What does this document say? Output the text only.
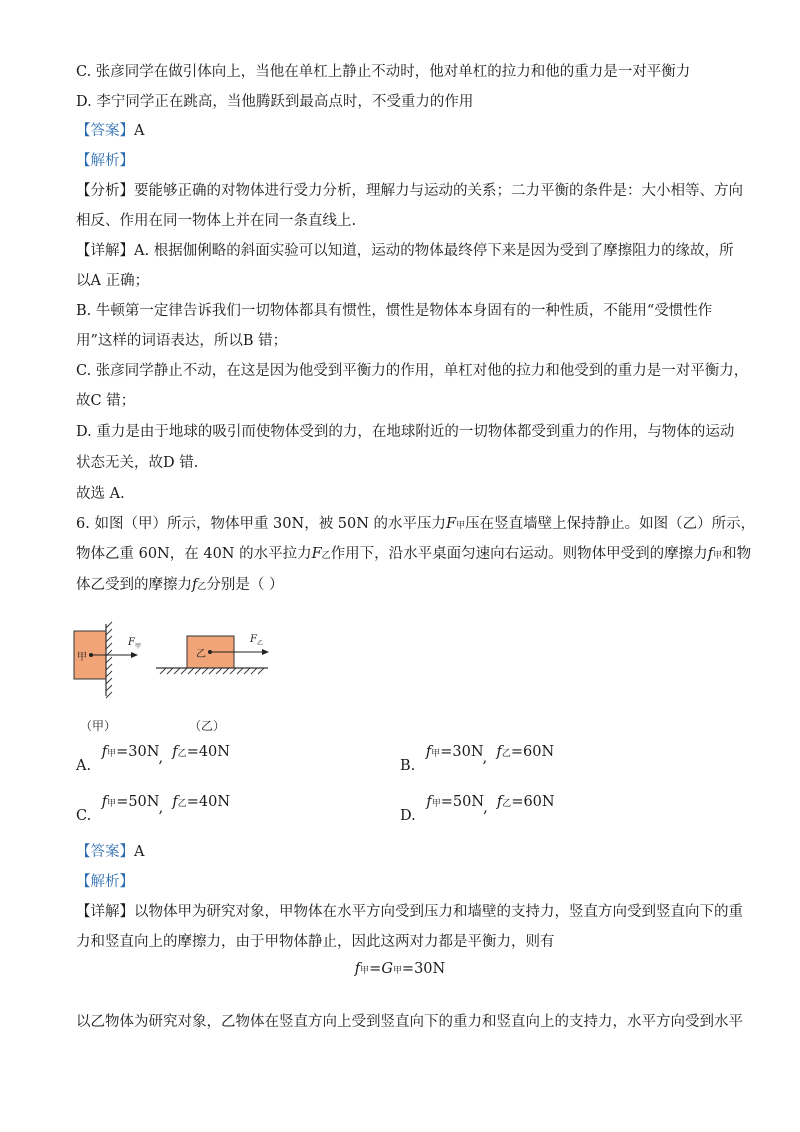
C. 张彦同学在做引体向上，当他在单杠上静止不动时，他对单杠的拉力和他的重力是一对平衡力
D. 李宁同学正在跳高，当他腾跃到最高点时，不受重力的作用
【答案】A
【解析】
【分析】要能够正确的对物体进行受力分析，理解力与运动的关系；二力平衡的条件是：大小相等、方向
相反、作用在同一物体上并在同一条直线上.
【详解】A. 根据伽俐略的斜面实验可以知道，运动的物体最终停下来是因为受到了摩擦阻力的缘故，所
以A 正确；
B. 牛顿第一定律告诉我们一切物体都具有惯性，惯性是物体本身固有的一种性质，不能用“受惯性作
用”这样的词语表达，所以B 错；
C. 张彦同学静止不动，在这是因为他受到平衡力的作用，单杠对他的拉力和他受到的重力是一对平衡力，
故C 错；
D. 重力是由于地球的吸引而使物体受到的力，在地球附近的一切物体都受到重力的作用，与物体的运动
状态无关，故D 错.
故选 A.
6. 如图（甲）所示，物体甲重 30N，被 50N 的水平压力F甲压在竖直墙壁上保持静止。如图（乙）所示，
物体乙重 60N，在 40N 的水平拉力F乙作用下，沿水平桌面匀速向右运动。则物体甲受到的摩擦力f甲和物
体乙受到的摩擦力f乙分别是（ ）
甲
F 甲
乙
F 乙
（甲）	（乙）
A. f甲=30N,  f乙=40N
B. f甲=30N,  f乙=60N
C. f甲=50N,  f乙=40N
D. f甲=50N,  f乙=60N
【答案】A
【解析】
【详解】以物体甲为研究对象，甲物体在水平方向受到压力和墙壁的支持力，竖直方向受到竖直向下的重
力和竖直向上的摩擦力，由于甲物体静止，因此这两对力都是平衡力，则有
f甲=G甲=30N
以乙物体为研究对象，乙物体在竖直方向上受到竖直向下的重力和竖直向上的支持力，水平方向受到水平
